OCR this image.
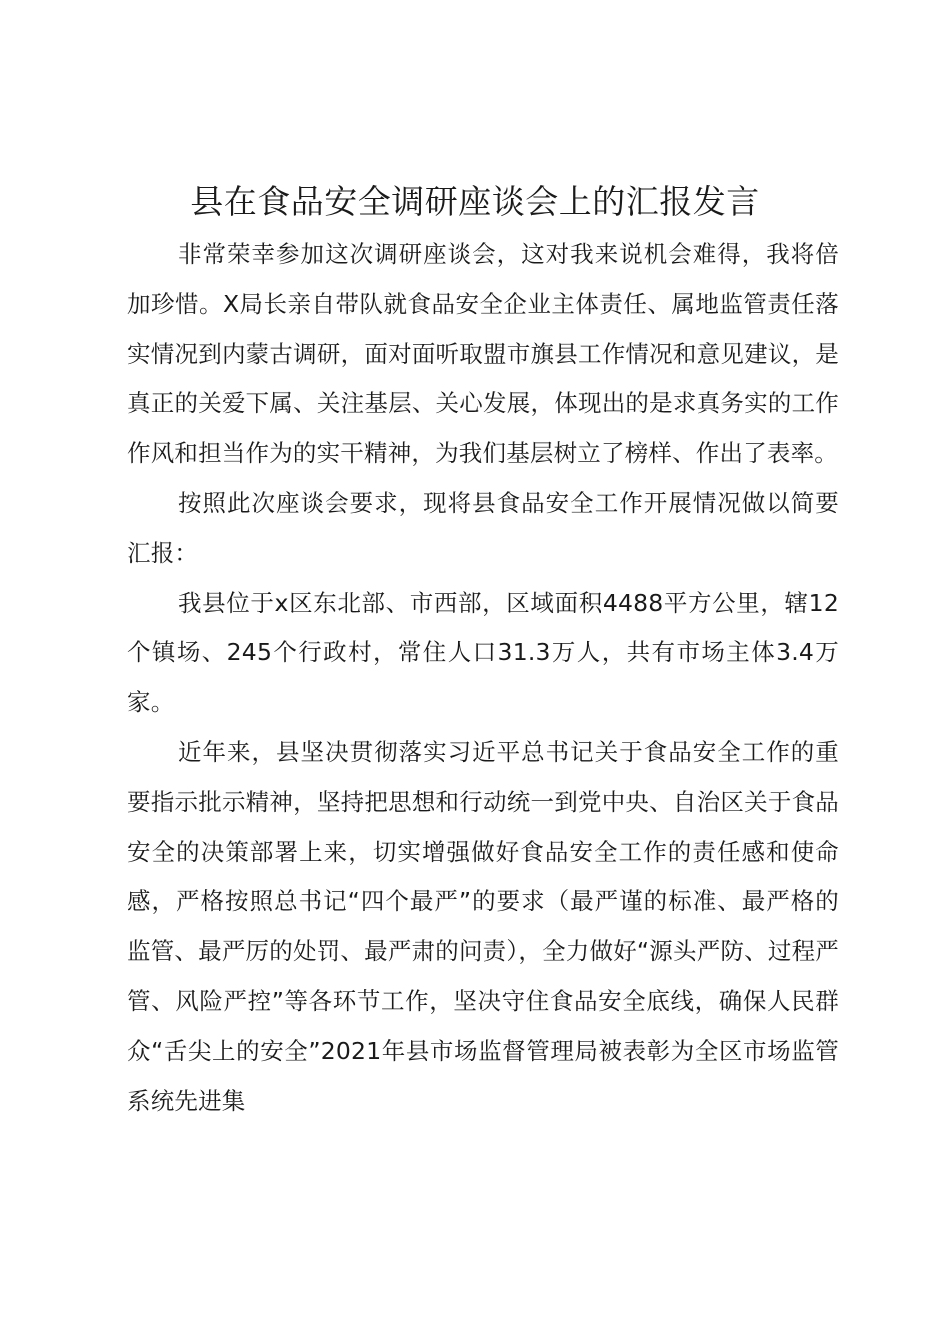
县在食品安全调研座谈会上的汇报发言

非常荣幸参加这次调研座谈会，这对我来说机会难得，我将倍加珍惜。X局长亲自带队就食品安全企业主体责任、属地监管责任落实情况到内蒙古调研，面对面听取盟市旗县工作情况和意见建议，是真正的关爱下属、关注基层、关心发展，体现出的是求真务实的工作作风和担当作为的实干精神，为我们基层树立了榜样、作出了表率。

按照此次座谈会要求，现将县食品安全工作开展情况做以简要汇报：

我县位于x区东北部、市西部，区域面积4488平方公里，辖12个镇场、245个行政村，常住人口31.3万人，共有市场主体3.4万家。

近年来，县坚决贯彻落实习近平总书记关于食品安全工作的重要指示批示精神，坚持把思想和行动统一到党中央、自治区关于食品安全的决策部署上来，切实增强做好食品安全工作的责任感和使命感，严格按照总书记“四个最严”的要求（最严谨的标准、最严格的监管、最严厉的处罚、最严肃的问责），全力做好“源头严防、过程严管、风险严控”等各环节工作，坚决守住食品安全底线，确保人民群众“舌尖上的安全”2021年县市场监督管理局被表彰为全区市场监管系统先进集
